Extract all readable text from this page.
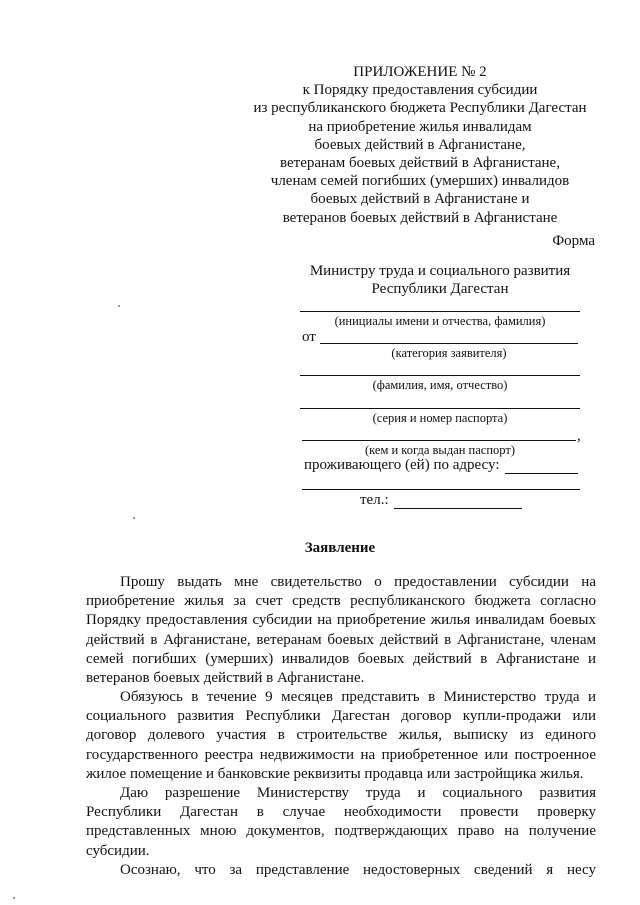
ПРИЛОЖЕНИЕ № 2
к Порядку предоставления субсидии
из республиканского бюджета Республики Дагестан
на приобретение жилья инвалидам
боевых действий в Афганистане,
ветеранам боевых действий в Афганистане,
членам семей погибших (умерших) инвалидов
боевых действий в Афганистане и
ветеранов боевых действий в Афганистане
Форма
Министру труда и социального развития
Республики Дагестан
(инициалы имени и отчества, фамилия)
от
(категория заявителя)
(фамилия, имя, отчество)
(серия и номер паспорта)
,
(кем и когда выдан паспорт)
проживающего (ей) по адресу:
тел.:
Заявление
Прошу выдать мне свидетельство о предоставлении субсидии на
приобретение жилья за счет средств республиканского бюджета согласно
Порядку предоставления субсидии на приобретение жилья инвалидам боевых
действий в Афганистане, ветеранам боевых действий в Афганистане, членам
семей погибших (умерших) инвалидов боевых действий в Афганистане и
ветеранов боевых действий в Афганистане.
Обязуюсь в течение 9 месяцев представить в Министерство труда и
социального развития Республики Дагестан договор купли-продажи или
договор долевого участия в строительстве жилья, выписку из единого
государственного реестра недвижимости на приобретенное или построенное
жилое помещение и банковские реквизиты продавца или застройщика жилья.
Даю разрешение Министерству труда и социального развития
Республики Дагестан в случае необходимости провести проверку
представленных мною документов, подтверждающих право на получение
субсидии.
Осознаю, что за представление недостоверных сведений я несу
